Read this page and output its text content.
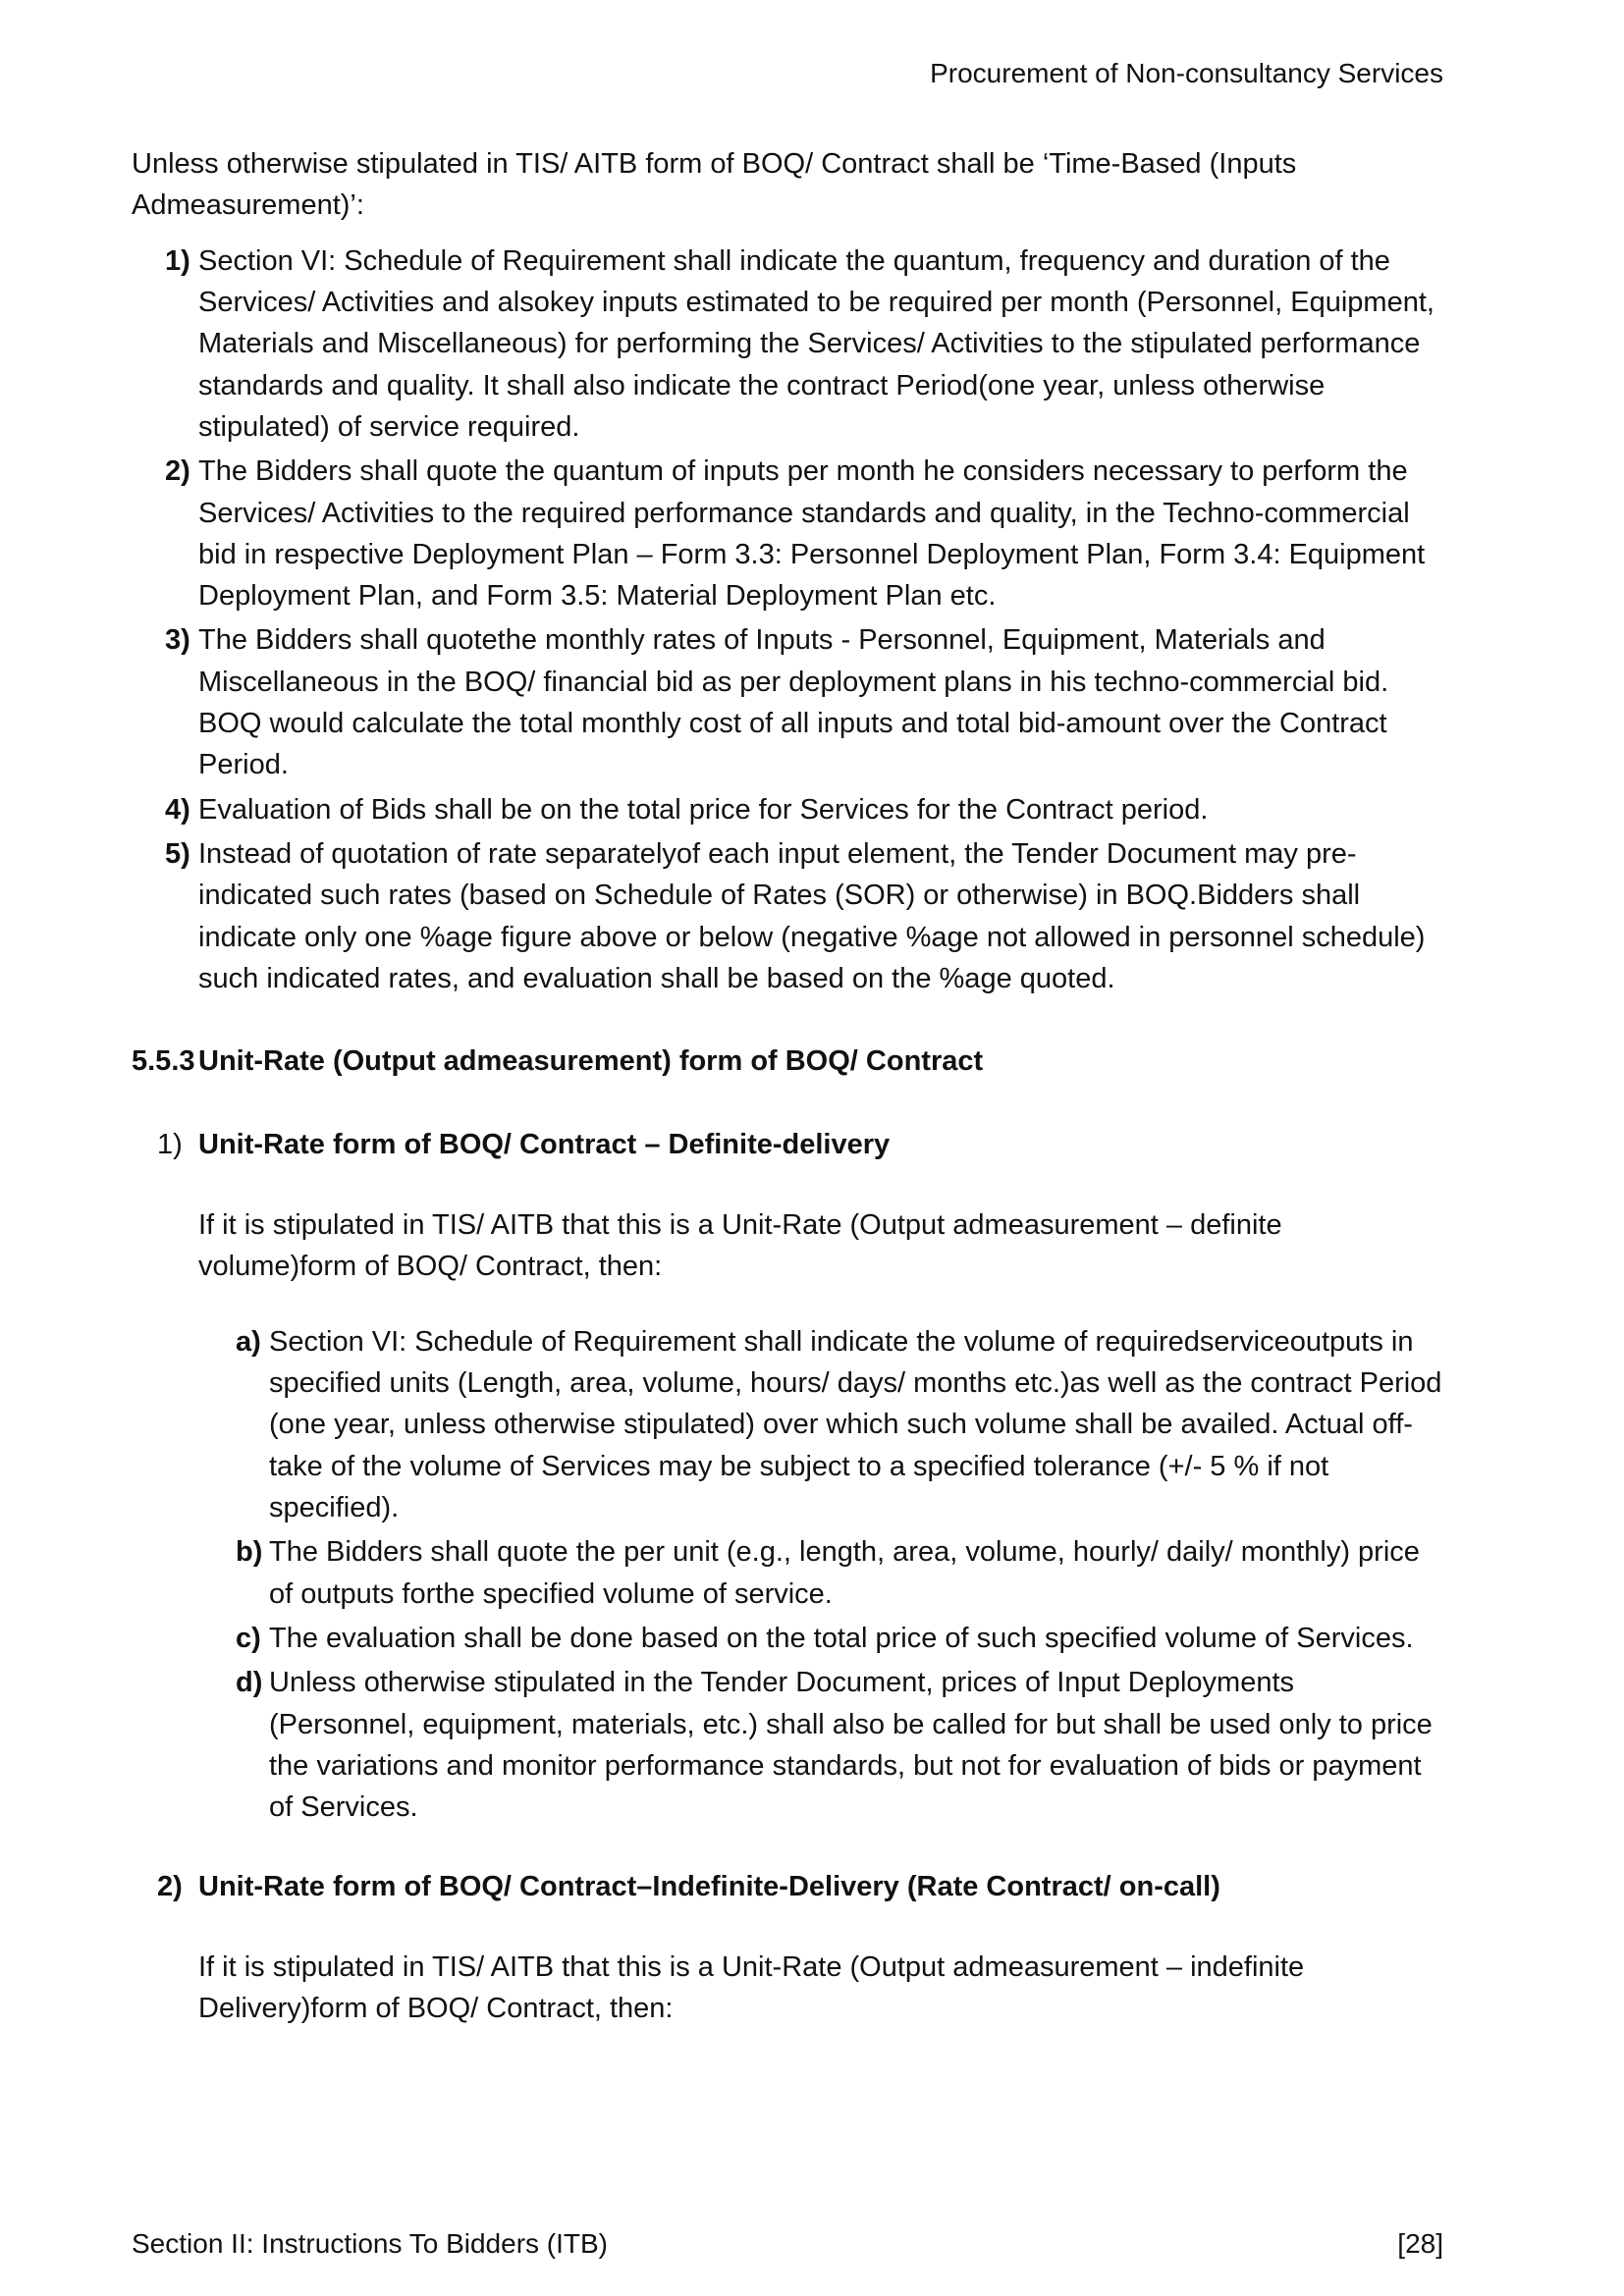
Procurement of Non-consultancy Services
Unless otherwise stipulated in TIS/ AITB form of BOQ/ Contract shall be ‘Time-Based (Inputs Admeasurement)’:
1) Section VI: Schedule of Requirement shall indicate the quantum, frequency and duration of the Services/ Activities and alsokey inputs estimated to be required per month (Personnel, Equipment, Materials and Miscellaneous) for performing the Services/ Activities to the stipulated performance standards and quality. It shall also indicate the contract Period(one year, unless otherwise stipulated) of service required.
2) The Bidders shall quote the quantum of inputs per month he considers necessary to perform the Services/ Activities to the required performance standards and quality, in the Techno-commercial bid in respective Deployment Plan – Form 3.3: Personnel Deployment Plan, Form 3.4: Equipment Deployment Plan, and Form 3.5: Material Deployment Plan etc.
3) The Bidders shall quotethe monthly rates of Inputs - Personnel, Equipment, Materials and Miscellaneous in the BOQ/ financial bid as per deployment plans in his techno-commercial bid. BOQ would calculate the total monthly cost of all inputs and total bid-amount over the Contract Period.
4) Evaluation of Bids shall be on the total price for Services for the Contract period.
5) Instead of quotation of rate separatelyof each input element, the Tender Document may pre-indicated such rates (based on Schedule of Rates (SOR) or otherwise) in BOQ.Bidders shall indicate only one %age figure above or below (negative %age not allowed in personnel schedule) such indicated rates, and evaluation shall be based on the %age quoted.
5.5.3 Unit-Rate (Output admeasurement) form of BOQ/ Contract
1) Unit-Rate form of BOQ/ Contract – Definite-delivery
If it is stipulated in TIS/ AITB that this is a Unit-Rate (Output admeasurement – definite volume)form of BOQ/ Contract, then:
a) Section VI: Schedule of Requirement shall indicate the volume of requiredserviceoutputs in specified units (Length, area, volume, hours/ days/ months etc.)as well as the contract Period (one year, unless otherwise stipulated) over which such volume shall be availed. Actual off-take of the volume of Services may be subject to a specified tolerance (+/- 5 % if not specified).
b) The Bidders shall quote the per unit (e.g., length, area, volume, hourly/ daily/ monthly) price of outputs forthe specified volume of service.
c) The evaluation shall be done based on the total price of such specified volume of Services.
d) Unless otherwise stipulated in the Tender Document, prices of Input Deployments (Personnel, equipment, materials, etc.) shall also be called for but shall be used only to price the variations and monitor performance standards, but not for evaluation of bids or payment of Services.
2) Unit-Rate form of BOQ/ Contract–Indefinite-Delivery (Rate Contract/ on-call)
If it is stipulated in TIS/ AITB that this is a Unit-Rate (Output admeasurement – indefinite Delivery)form of BOQ/ Contract, then:
Section II: Instructions To Bidders (ITB)	[28]
